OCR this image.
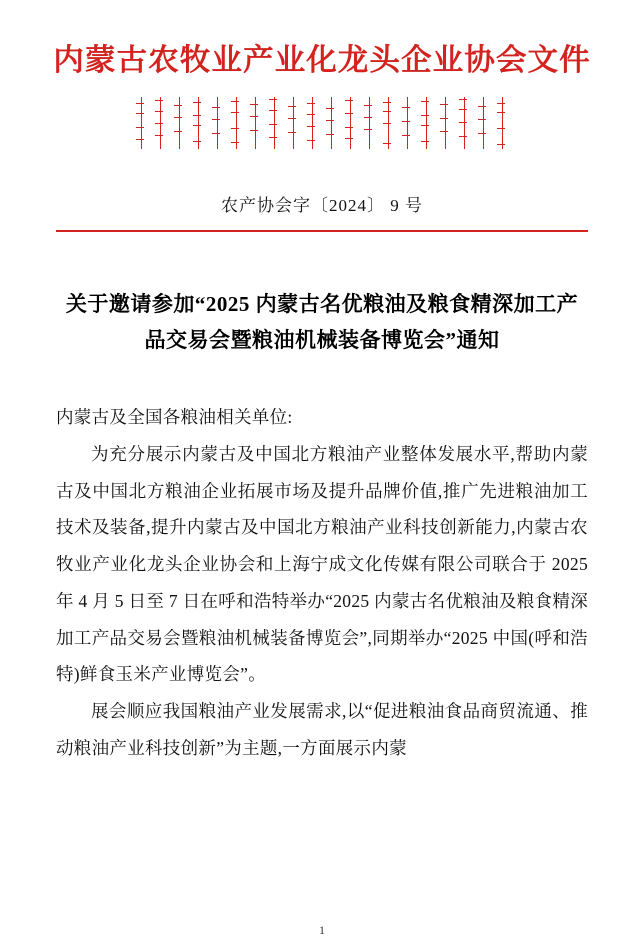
内蒙古农牧业产业化龙头企业协会文件
农产协会字〔2024〕 9 号
关于邀请参加“2025 内蒙古名优粮油及粮食精深加工产品交易会暨粮油机械装备博览会”通知

内蒙古及全国各粮油相关单位:

为充分展示内蒙古及中国北方粮油产业整体发展水平,帮助内蒙古及中国北方粮油企业拓展市场及提升品牌价值,推广先进粮油加工技术及装备,提升内蒙古及中国北方粮油产业科技创新能力,内蒙古农牧业产业化龙头企业协会和上海宁成文化传媒有限公司联合于 2025 年 4 月 5 日至 7 日在呼和浩特举办“2025 内蒙古名优粮油及粮食精深加工产品交易会暨粮油机械装备博览会”,同期举办“2025 中国(呼和浩特)鲜食玉米产业博览会”。

展会顺应我国粮油产业发展需求,以“促进粮油食品商贸流通、推动粮油产业科技创新”为主题,一方面展示内蒙

1
